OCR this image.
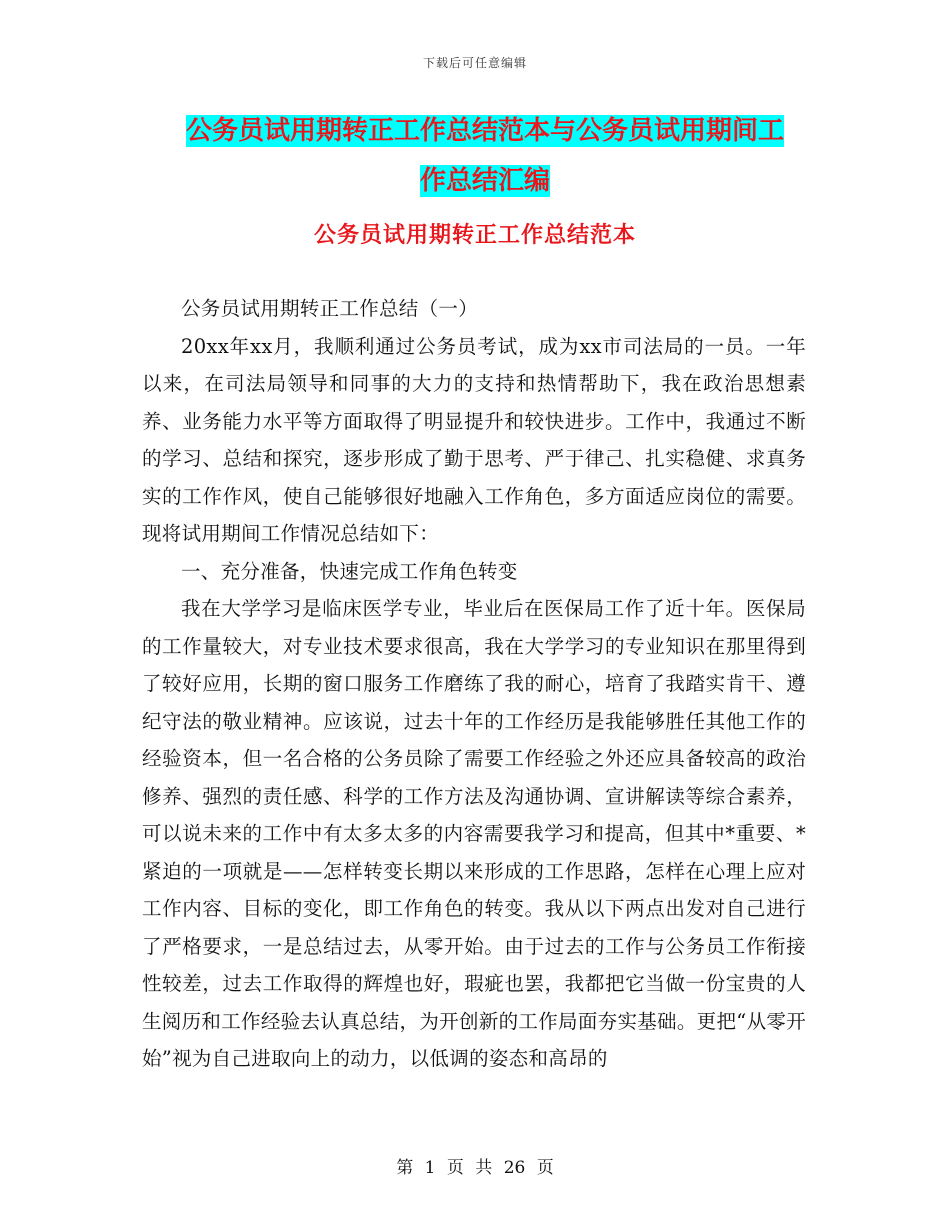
下载后可任意编辑
公务员试用期转正工作总结范本与公务员试用期间工
作总结汇编
公务员试用期转正工作总结范本

公务员试用期转正工作总结（一）

20xx年xx月，我顺利通过公务员考试，成为xx市司法局的一员。一年以来，在司法局领导和同事的大力的支持和热情帮助下，我在政治思想素养、业务能力水平等方面取得了明显提升和较快进步。工作中，我通过不断的学习、总结和探究，逐步形成了勤于思考、严于律己、扎实稳健、求真务实的工作作风，使自己能够很好地融入工作角色，多方面适应岗位的需要。现将试用期间工作情况总结如下：

一、充分准备，快速完成工作角色转变

我在大学学习是临床医学专业，毕业后在医保局工作了近十年。医保局的工作量较大，对专业技术要求很高，我在大学学习的专业知识在那里得到了较好应用，长期的窗口服务工作磨练了我的耐心，培育了我踏实肯干、遵纪守法的敬业精神。应该说，过去十年的工作经历是我能够胜任其他工作的经验资本，但一名合格的公务员除了需要工作经验之外还应具备较高的政治修养、强烈的责任感、科学的工作方法及沟通协调、宣讲解读等综合素养，可以说未来的工作中有太多太多的内容需要我学习和提高，但其中*重要、*紧迫的一项就是——怎样转变长期以来形成的工作思路，怎样在心理上应对工作内容、目标的变化，即工作角色的转变。我从以下两点出发对自己进行了严格要求，一是总结过去，从零开始。由于过去的工作与公务员工作衔接性较差，过去工作取得的辉煌也好，瑕疵也罢，我都把它当做一份宝贵的人生阅历和工作经验去认真总结，为开创新的工作局面夯实基础。更把“从零开始”视为自己进取向上的动力，以低调的姿态和高昂的

第 1 页 共 26 页
